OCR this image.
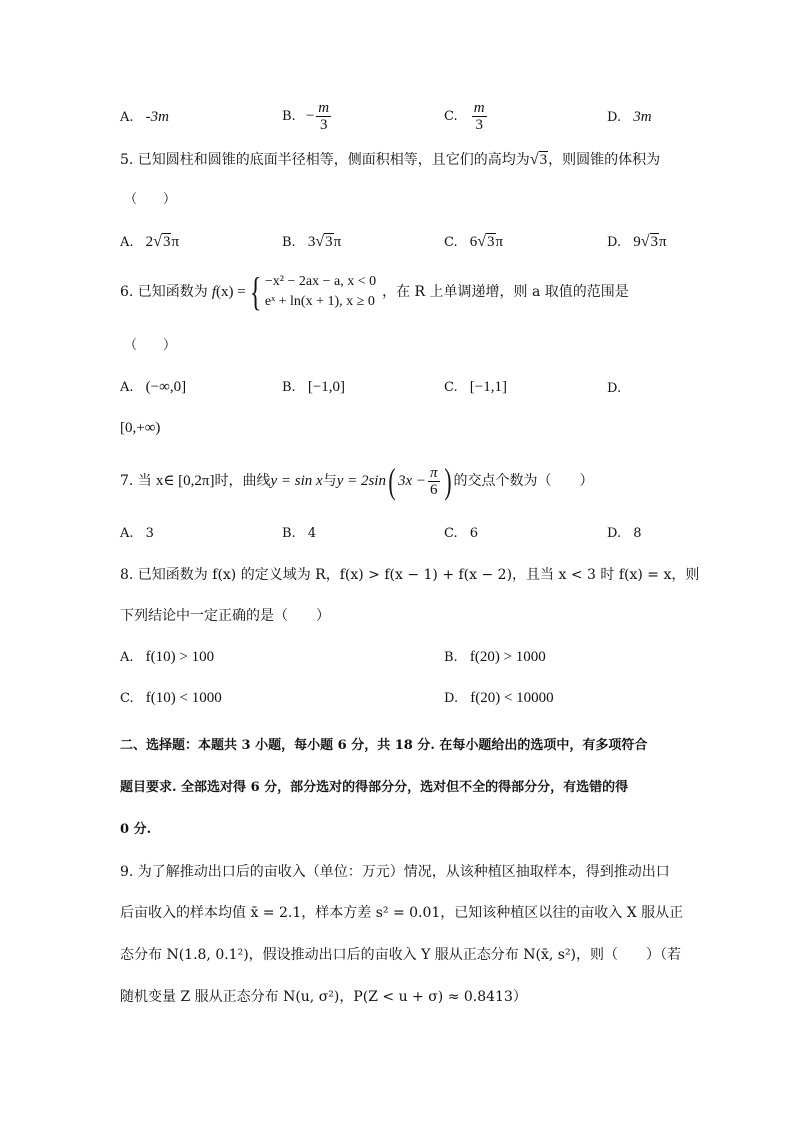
A. -3m	B. − $\frac{m}{3}$	C. $\frac{m}{3}$	D. 3m
5. 已知圆柱和圆锥的底面半径相等，侧面积相等，且它们的高均为√3，则圆锥的体积为
（　　）
A. 2√3π	B. 3√3π	C. 6√3π	D. 9√3π
6. 已知函数为 f (x) = { −x² − 2ax − a, x < 0
eˣ + ln(x + 1), x ≥ 0
，在 R 上单调递增，则 a 取值的范围是
（　　）
A. (−∞,0]	B. [−1,0]	C. [−1,1]	D.
[0,+∞)
7. 当 x∈ [0,2π] 时，曲线 y = sin x 与 y = 2sin ( $3x - \frac{\pi}{6}$ ) 的交点个数为（　　）
A. 3	B. 4	C. 6	D. 8
8. 已知函数为 f(x) 的定义域为 R，f(x) > f(x − 1) + f(x − 2)，且当 x < 3 时 f(x) = x，则
下列结论中一定正确的是（　　）
A. f(10) > 100	B. f(20) > 1000
C. f(10) < 1000	D. f(20) < 10000
二、选择题：本题共 3 小题，每小题 6 分，共 18 分. 在每小题给出的选项中，有多项符合
题目要求. 全部选对得 6 分，部分选对的得部分分，选对但不全的得部分分，有选错的得
0 分.
9. 为了解推动出口后的亩收入（单位：万元）情况，从该种植区抽取样本，得到推动出口
后亩收入的样本均值 x̄ = 2.1，样本方差 s² = 0.01，已知该种植区以往的亩收入 X 服从正
态分布 N(1.8, 0.1²)，假设推动出口后的亩收入 Y 服从正态分布 N(x̄, s²)，则（　　）（若
随机变量 Z 服从正态分布 N(u, σ²)，P(Z < u + σ) ≈ 0.8413）
